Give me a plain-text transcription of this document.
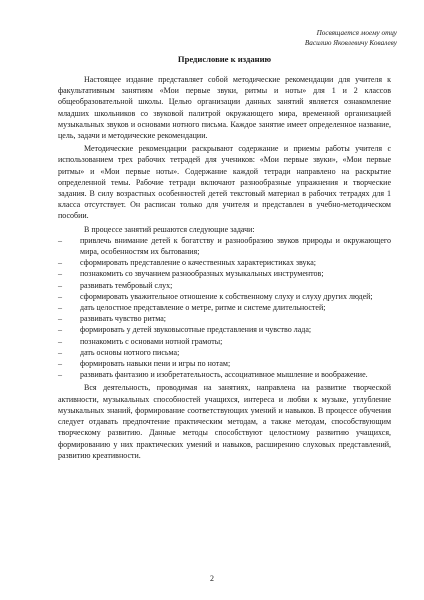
Посвящается моему отцу
Василию Яковлевичу Ковалеву
Предисловие к изданию

Настоящее издание представляет собой методические рекомендации для учителя к факультативным занятиям «Мои первые звуки, ритмы и ноты» для 1 и 2 классов общеобразовательной школы. Целью организации данных занятий является ознакомление младших школьников со звуковой палитрой окружающего мира, временной организацией музыкальных звуков и основами нотного письма. Каждое занятие имеет определенное название, цель, задачи и методические рекомендации.

Методические рекомендации раскрывают содержание и приемы работы учителя с использованием трех рабочих тетрадей для учеников: «Мои первые звуки», «Мои первые ритмы» и «Мои первые ноты». Содержание каждой тетради направлено на раскрытие определенной темы. Рабочие тетради включают разнообразные упражнения и творческие задания. В силу возрастных особенностей детей текстовый материал в рабочих тетрадях для 1 класса отсутствует. Он расписан только для учителя и представлен в учебно-методическом пособии.

В процессе занятий решаются следующие задачи:

– привлечь внимание детей к богатству и разнообразию звуков природы и окружающего мира, особенностям их бытования;
– сформировать представление о качественных характеристиках звука;
– познакомить со звучанием разнообразных музыкальных инструментов;
– развивать тембровый слух;
– сформировать уважительное отношение к собственному слуху и слуху других людей;
– дать целостное представление о метре, ритме и системе длительностей;
– развивать чувство ритма;
– формировать у детей звуковысотные представления и чувство лада;
– познакомить с основами нотной грамоты;
– дать основы нотного письма;
– формировать навыки пени и игры по нотам;
– развивать фантазию и изобретательность, ассоциативное мышление и воображение.

Вся деятельность, проводимая на занятиях, направлена на развитие творческой активности, музыкальных способностей учащихся, интереса и любви к музыке, углубление музыкальных знаний, формирование соответствующих умений и навыков. В процессе обучения следует отдавать предпочтение практическим методам, а также методам, способствующим творческому развитию. Данные методы способствуют целостному развитию учащихся, формированию у них практических умений и навыков, расширению слуховых представлений, развитию креативности.

2
